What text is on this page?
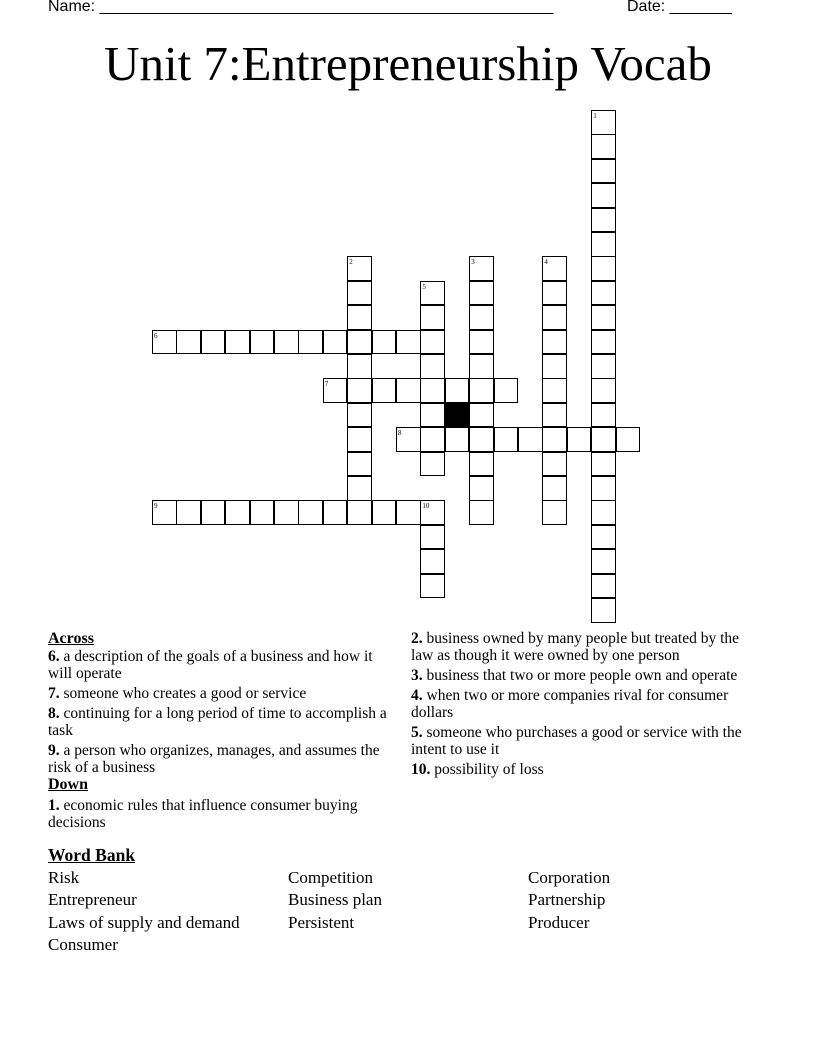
Name: ___________________________________________________	Date: _______
Unit 7:Entrepreneurship Vocab
1
2	3	4
5
6
7
8
9	10
Across
6. a description of the goals of a business and how it will operate
7. someone who creates a good or service
8. continuing for a long period of time to accomplish a task
9. a person who organizes, manages, and assumes the risk of a business
Down
1. economic rules that influence consumer buying decisions
2. business owned by many people but treated by the law as though it were owned by one person
3. business that two or more people own and operate
4. when two or more companies rival for consumer dollars
5. someone who purchases a good or service with the intent to use it
10. possibility of loss
Word Bank
Risk	Competition	Corporation
Entrepreneur	Business plan	Partnership
Laws of supply and demand	Persistent	Producer
Consumer
